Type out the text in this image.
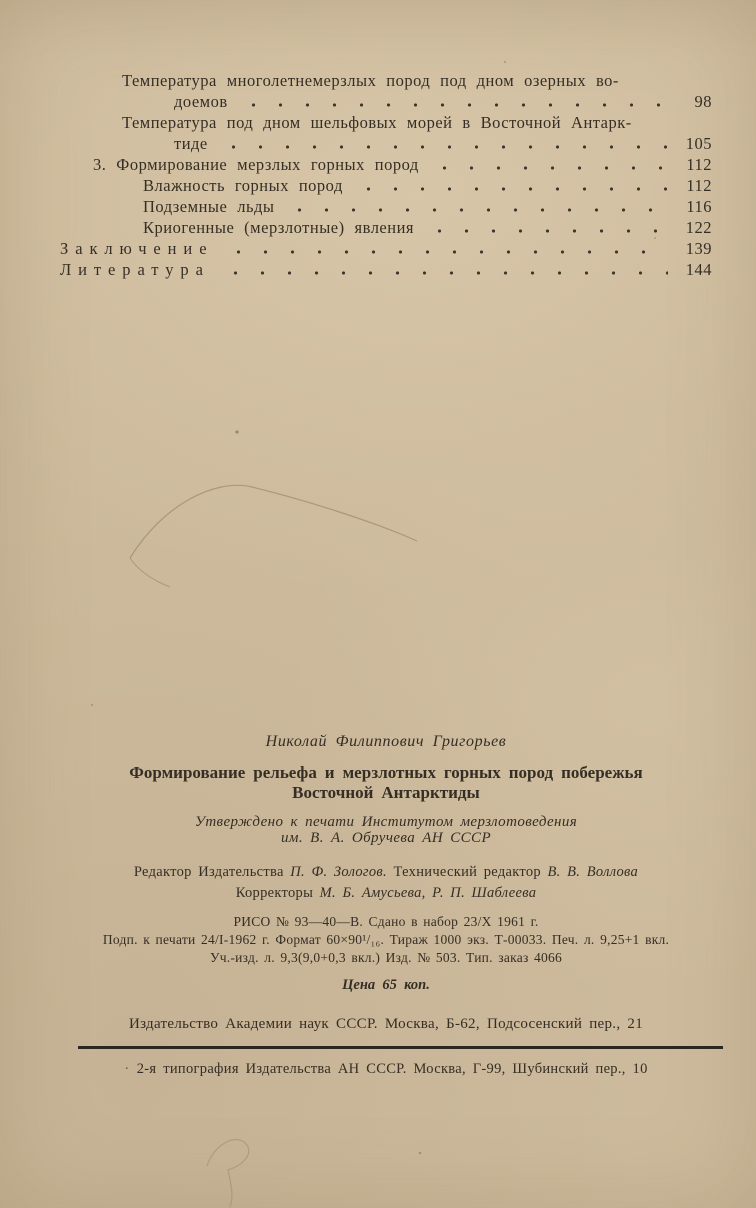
Температура многолетнемерзлых пород под дном озерных во-
доемов	98
Температура под дном шельфовых морей в Восточной Антарк-
тиде	105
3. Формирование мерзлых горных пород	112
Влажность горных пород	112
Подземные льды	116
Криогенные (мерзлотные) явления	122
Заключение	139
Литература	144
Николай Филиппович Григорьев
Формирование рельефа и мерзлотных горных пород побережья
Восточной Антарктиды
Утверждено к печати Институтом мерзлотоведения
им. В. А. Обручева АН СССР
Редактор Издательства П. Ф. Зологов. Технический редактор В. В. Воллова
Корректоры М. Б. Амусьева, Р. П. Шаблеева
РИСО № 93—40—В. Сдано в набор 23/X 1961 г.
Подп. к печати 24/I-1962 г. Формат 60×90¹/₁₆. Тираж 1000 экз. Т-00033. Печ. л. 9,25+1 вкл.
Уч.-изд. л. 9,3(9,0+0,3 вкл.) Изд. № 503. Тип. заказ 4066
Цена 65 коп.
Издательство Академии наук СССР. Москва, Б-62, Подсосенский пер., 21
· 2-я типография Издательства АН СССР. Москва, Г-99, Шубинский пер., 10
